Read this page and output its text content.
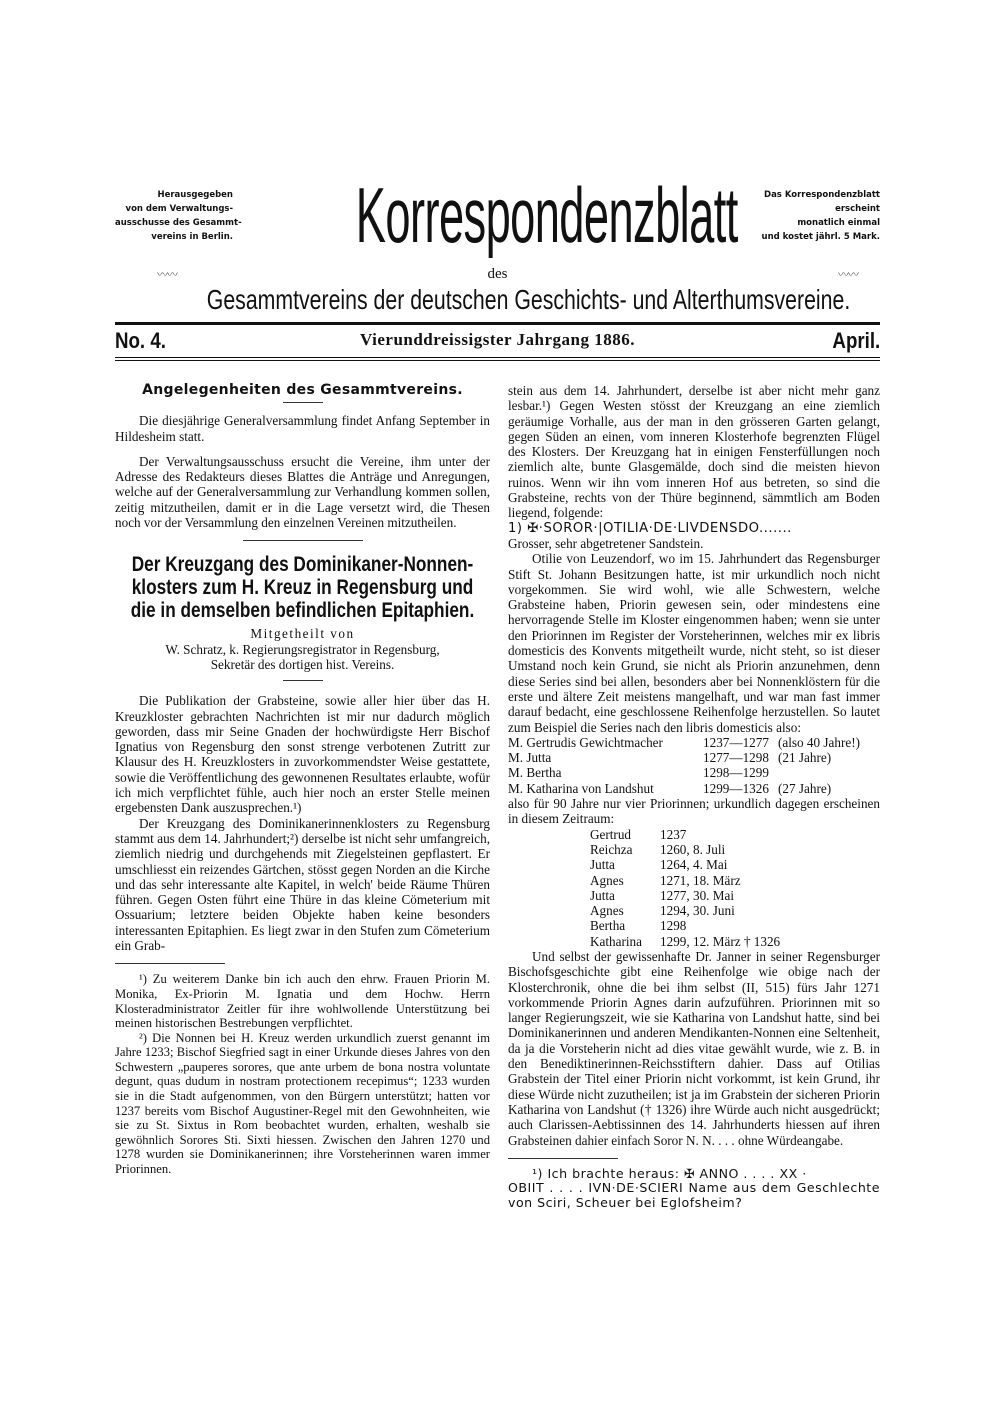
Herausgegeben
von dem Verwaltungs-
ausschusse des Gesammt-
vereins in Berlin.
〰〰
Korrespondenzblatt	Das Korrespondenzblatt
erscheint
monatlich einmal
und kostet jährl. 5 Mark.
〰〰
des
Gesammtvereins der deutschen Geschichts- und Alterthumsvereine.
No. 4.	Vierunddreissigster Jahrgang 1886.	April.
Angelegenheiten des Gesammtvereins.

Die diesjährige Generalversammlung findet Anfang September in Hildesheim statt.

Der Verwaltungsausschuss ersucht die Vereine, ihm unter der Adresse des Redakteurs dieses Blattes die Anträge und Anregungen, welche auf der Generalversammlung zur Verhandlung kommen sollen, zeitig mitzutheilen, damit er in die Lage versetzt wird, die Thesen noch vor der Versammlung den einzelnen Vereinen mitzutheilen.

Der Kreuzgang des Dominikaner-Nonnen-
klosters zum H. Kreuz in Regensburg und
die in demselben befindlichen Epitaphien.

Mitgetheilt von

W. Schratz, k. Regierungsregistrator in Regensburg,

Sekretär des dortigen hist. Vereins.

Die Publikation der Grabsteine, sowie aller hier über das H. Kreuzkloster gebrachten Nachrichten ist mir nur dadurch möglich geworden, dass mir Seine Gnaden der hochwürdigste Herr Bischof Ignatius von Regensburg den sonst strenge verbotenen Zutritt zur Klausur des H. Kreuzklosters in zuvorkommendster Weise gestattete, sowie die Veröffentlichung des gewonnenen Resultates erlaubte, wofür ich mich verpflichtet fühle, auch hier noch an erster Stelle meinen ergebensten Dank auszusprechen.¹)

Der Kreuzgang des Dominikanerinnenklosters zu Regensburg stammt aus dem 14. Jahrhundert;²) derselbe ist nicht sehr umfangreich, ziemlich niedrig und durchgehends mit Ziegelsteinen gepflastert. Er umschliesst ein reizendes Gärtchen, stösst gegen Norden an die Kirche und das sehr interessante alte Kapitel, in welch' beide Räume Thüren führen. Gegen Osten führt eine Thüre in das kleine Cömeterium mit Ossuarium; letztere beiden Objekte haben keine besonders interessanten Epitaphien. Es liegt zwar in den Stufen zum Cömeterium ein Grab-

¹) Zu weiterem Danke bin ich auch den ehrw. Frauen Priorin M. Monika, Ex-Priorin M. Ignatia und dem Hochw. Herrn Klosteradministrator Zeitler für ihre wohlwollende Unterstützung bei meinen historischen Bestrebungen verpflichtet.

²) Die Nonnen bei H. Kreuz werden urkundlich zuerst genannt im Jahre 1233; Bischof Siegfried sagt in einer Urkunde dieses Jahres von den Schwestern „pauperes sorores, que ante urbem de bona nostra voluntate degunt, quas dudum in nostram protectionem recepimus“; 1233 wurden sie in die Stadt aufgenommen, von den Bürgern unterstützt; hatten vor 1237 bereits vom Bischof Augustiner-Regel mit den Gewohnheiten, wie sie zu St. Sixtus in Rom beobachtet wurden, erhalten, weshalb sie gewöhnlich Sorores Sti. Sixti hiessen. Zwischen den Jahren 1270 und 1278 wurden sie Dominikanerinnen; ihre Vorsteherinnen waren immer Priorinnen.

stein aus dem 14. Jahrhundert, derselbe ist aber nicht mehr ganz lesbar.¹) Gegen Westen stösst der Kreuzgang an eine ziemlich geräumige Vorhalle, aus der man in den grösseren Garten gelangt, gegen Süden an einen, vom inneren Klosterhofe begrenzten Flügel des Klosters. Der Kreuzgang hat in einigen Fensterfüllungen noch ziemlich alte, bunte Glasgemälde, doch sind die meisten hievon ruinos. Wenn wir ihn vom inneren Hof aus betreten, so sind die Grabsteine, rechts von der Thüre beginnend, sämmtlich am Boden liegend, folgende:

1) ✠·SOROR·|OTILIA·DE·LIVDENSDO.......

Grosser, sehr abgetretener Sandstein.

Otilie von Leuzendorf, wo im 15. Jahrhundert das Regensburger Stift St. Johann Besitzungen hatte, ist mir urkundlich noch nicht vorgekommen. Sie wird wohl, wie alle Schwestern, welche Grabsteine haben, Priorin gewesen sein, oder mindestens eine hervorragende Stelle im Kloster eingenommen haben; wenn sie unter den Priorinnen im Register der Vorsteherinnen, welches mir ex libris domesticis des Konvents mitgetheilt wurde, nicht steht, so ist dieser Umstand noch kein Grund, sie nicht als Priorin anzunehmen, denn diese Series sind bei allen, besonders aber bei Nonnenklöstern für die erste und ältere Zeit meistens mangelhaft, und war man fast immer darauf bedacht, eine geschlossene Reihenfolge herzustellen. So lautet zum Beispiel die Series nach den libris domesticis also:

M. Gertrudis Gewichtmacher	1237—1277 (also 40 Jahre!)
M. Jutta	1277—1298 (21 Jahre)
M. Bertha	1298—1299
M. Katharina von Landshut	1299—1326 (27 Jahre)

also für 90 Jahre nur vier Priorinnen; urkundlich dagegen erscheinen in diesem Zeitraum:

Gertrud	1237
Reichza	1260, 8. Juli
Jutta	1264, 4. Mai
Agnes	1271, 18. März
Jutta	1277, 30. Mai
Agnes	1294, 30. Juni
Bertha	1298
Katharina	1299, 12. März † 1326

Und selbst der gewissenhafte Dr. Janner in seiner Regensburger Bischofsgeschichte gibt eine Reihenfolge wie obige nach der Klosterchronik, ohne die bei ihm selbst (II, 515) fürs Jahr 1271 vorkommende Priorin Agnes darin aufzuführen. Priorinnen mit so langer Regierungszeit, wie sie Katharina von Landshut hatte, sind bei Dominikanerinnen und anderen Mendikanten-Nonnen eine Seltenheit, da ja die Vorsteherin nicht ad dies vitae gewählt wurde, wie z. B. in den Benediktinerinnen-Reichsstiftern dahier. Dass auf Otilias Grabstein der Titel einer Priorin nicht vorkommt, ist kein Grund, ihr diese Würde nicht zuzutheilen; ist ja im Grabstein der sicheren Priorin Katharina von Landshut († 1326) ihre Würde auch nicht ausgedrückt; auch Clarissen-Aebtissinnen des 14. Jahrhunderts hiessen auf ihren Grabsteinen dahier einfach Soror N. N. . . . ohne Würdeangabe.

¹) Ich brachte heraus: ✠ ANNO . . . . XX ·

OBIIT . . . . IVN·DE·SCIERI Name aus dem Geschlechte von Sciri, Scheuer bei Eglofsheim?
